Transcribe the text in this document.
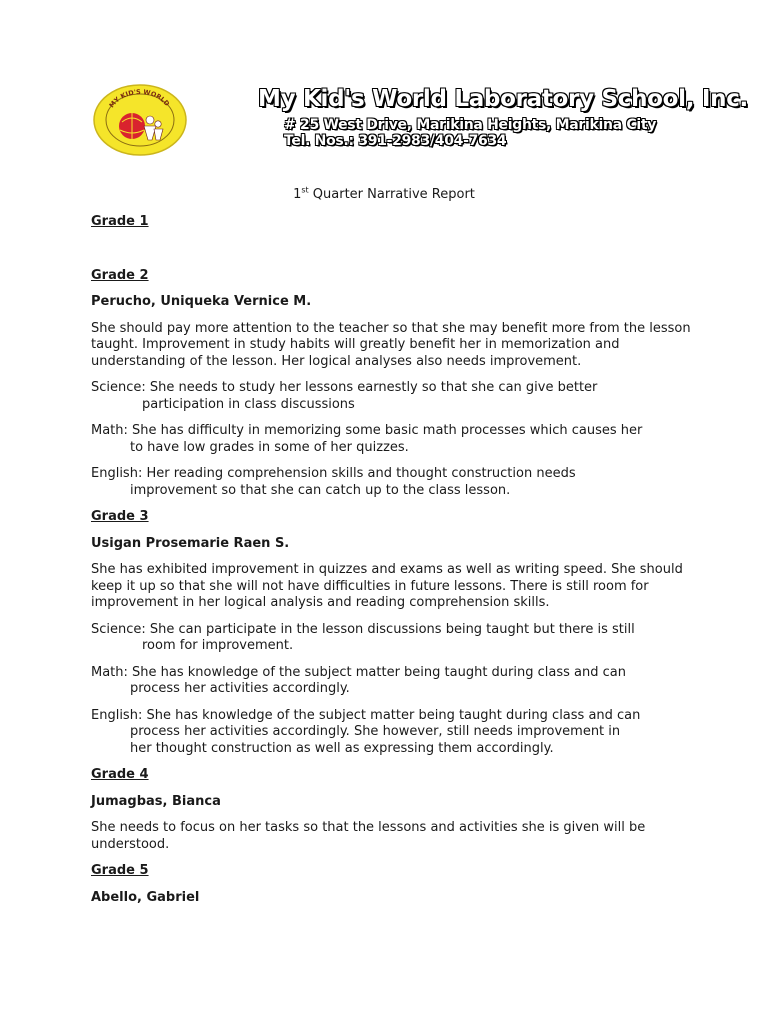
MY KID'S WORLD	My Kid's World Laboratory School, Inc.

# 25 West Drive, Marikina Heights, Marikina City

Tel. Nos.: 391-2983/404-7634

1st Quarter Narrative Report

Grade 1

Grade 2

Perucho, Uniqueka Vernice M.

She should pay more attention to the teacher so that she may benefit more from the lesson taught. Improvement in study habits will greatly benefit her in memorization and understanding of the lesson. Her logical analyses also needs improvement.

Science: She needs to study her lessons earnestly so that she can give better
participation in class discussions

Math: She has difficulty in memorizing some basic math processes which causes her
to have low grades in some of her quizzes.

English: Her reading comprehension skills and thought construction needs
improvement so that she can catch up to the class lesson.

Grade 3

Usigan Prosemarie Raen S.

She has exhibited improvement in quizzes and exams as well as writing speed. She should keep it up so that she will not have difficulties in future lessons. There is still room for improvement in her logical analysis and reading comprehension skills.

Science: She can participate in the lesson discussions being taught but there is still
room for improvement.

Math: She has knowledge of the subject matter being taught during class and can
process her activities accordingly.

English: She has knowledge of the subject matter being taught during class and can
process her activities accordingly. She however, still needs improvement in
her thought construction as well as expressing them accordingly.

Grade 4

Jumagbas, Bianca

She needs to focus on her tasks so that the lessons and activities she is given will be understood.

Grade 5

Abello, Gabriel
